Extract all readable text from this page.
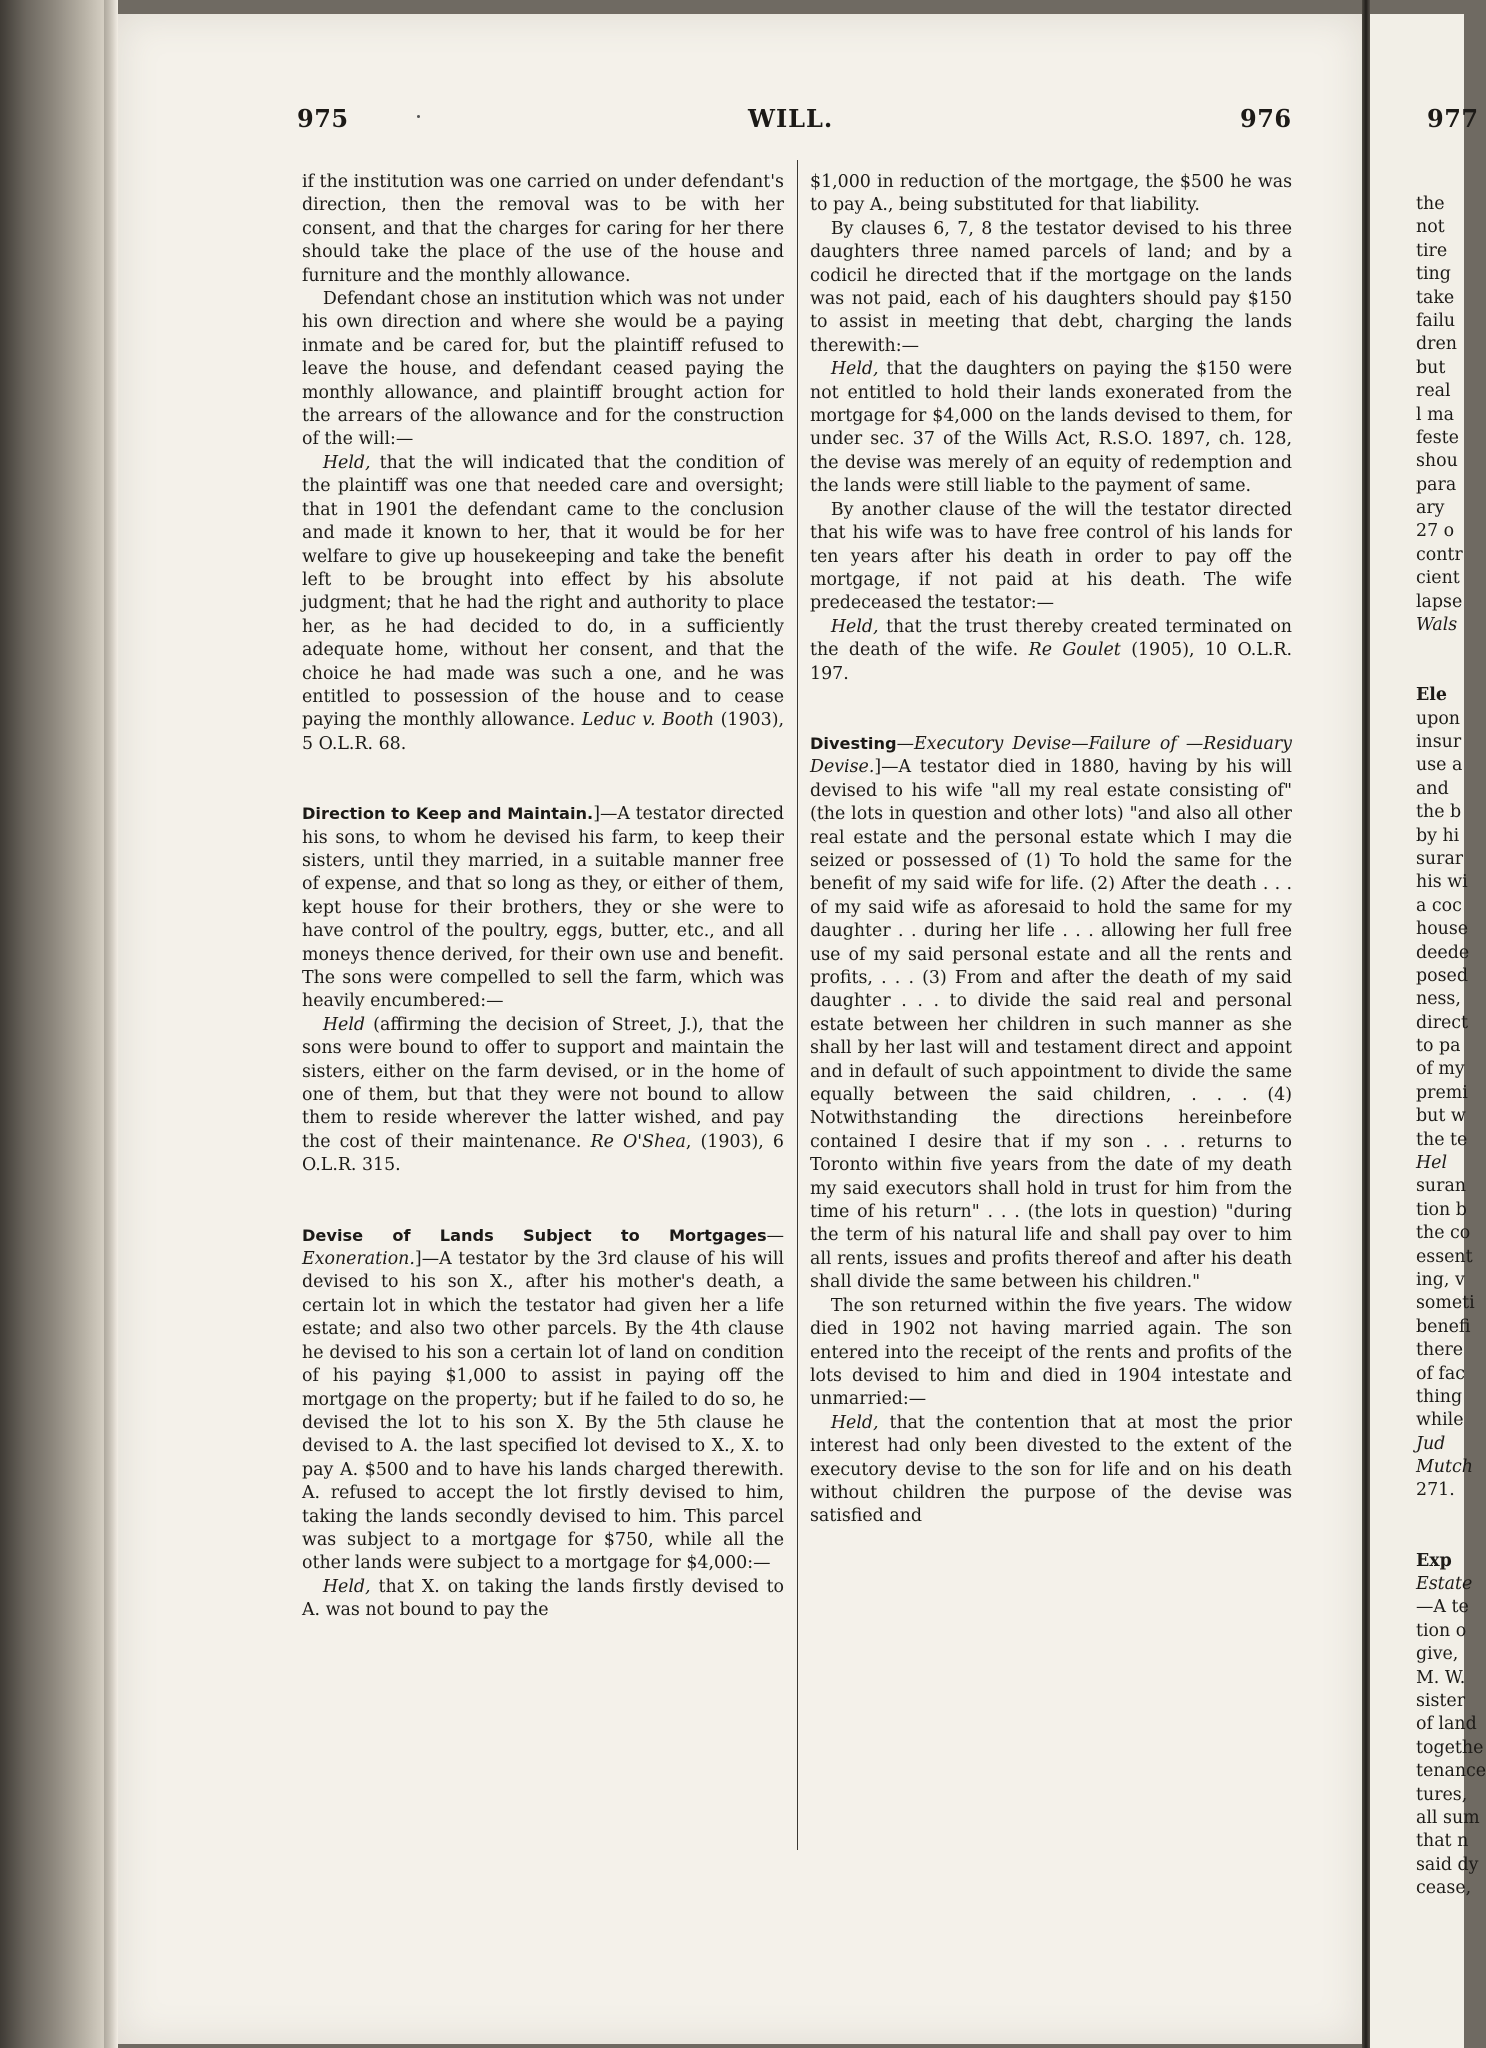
977
the
not
tire
ting
take
failu
dren
but
real
l ma
feste
shou
para
ary
27 o
contr
cient
lapse
Wals
Ele
upon
insur
use a
and
the b
by hi
surar
his wi
a coc
house
deede
posed
ness,
direct
to pa
of my
premi
but w
the te
Hel
suran
tion b
the co
essent
ing, v
someti
benefi
there
of fac
thing
while
Jud
Mutch
271.
Exp
Estate
—A te
tion o
give,
M. W.
sister
of land
togethe
tenance
tures,
all sum
that n
said dy
cease,
975	WILL.	976

if the institution was one carried on under defendant's direction, then the removal was to be with her consent, and that the charges for caring for her there should take the place of the use of the house and furniture and the monthly allowance.

Defendant chose an institution which was not under his own direction and where she would be a paying inmate and be cared for, but the plaintiff refused to leave the house, and defendant ceased paying the monthly allowance, and plaintiff brought action for the arrears of the allowance and for the construction of the will:—

Held, that the will indicated that the condition of the plaintiff was one that needed care and oversight; that in 1901 the defendant came to the conclusion and made it known to her, that it would be for her welfare to give up housekeeping and take the benefit left to be brought into effect by his absolute judgment; that he had the right and authority to place her, as he had decided to do, in a sufficiently adequate home, without her consent, and that the choice he had made was such a one, and he was entitled to possession of the house and to cease paying the monthly allowance. Leduc v. Booth (1903), 5 O.L.R. 68.

Direction to Keep and Maintain.]—A testator directed his sons, to whom he devised his farm, to keep their sisters, until they married, in a suitable manner free of expense, and that so long as they, or either of them, kept house for their brothers, they or she were to have control of the poultry, eggs, butter, etc., and all moneys thence derived, for their own use and benefit. The sons were compelled to sell the farm, which was heavily encumbered:—

Held (affirming the decision of Street, J.), that the sons were bound to offer to support and maintain the sisters, either on the farm devised, or in the home of one of them, but that they were not bound to allow them to reside wherever the latter wished, and pay the cost of their maintenance. Re O'Shea, (1903), 6 O.L.R. 315.

Devise of Lands Subject to Mortgages—Exoneration.]—A testator by the 3rd clause of his will devised to his son X., after his mother's death, a certain lot in which the testator had given her a life estate; and also two other parcels. By the 4th clause he devised to his son a certain lot of land on condition of his paying $1,000 to assist in paying off the mortgage on the property; but if he failed to do so, he devised the lot to his son X. By the 5th clause he devised to A. the last specified lot devised to X., X. to pay A. $500 and to have his lands charged therewith. A. refused to accept the lot firstly devised to him, taking the lands secondly devised to him. This parcel was subject to a mortgage for $750, while all the other lands were subject to a mortgage for $4,000:—

Held, that X. on taking the lands firstly devised to A. was not bound to pay the

$1,000 in reduction of the mortgage, the $500 he was to pay A., being substituted for that liability.

By clauses 6, 7, 8 the testator devised to his three daughters three named parcels of land; and by a codicil he directed that if the mortgage on the lands was not paid, each of his daughters should pay $150 to assist in meeting that debt, charging the lands therewith:—

Held, that the daughters on paying the $150 were not entitled to hold their lands exonerated from the mortgage for $4,000 on the lands devised to them, for under sec. 37 of the Wills Act, R.S.O. 1897, ch. 128, the devise was merely of an equity of redemption and the lands were still liable to the payment of same.

By another clause of the will the testator directed that his wife was to have free control of his lands for ten years after his death in order to pay off the mortgage, if not paid at his death. The wife predeceased the testator:—

Held, that the trust thereby created terminated on the death of the wife. Re Goulet (1905), 10 O.L.R. 197.

Divesting—Executory Devise—Failure of —Residuary Devise.]—A testator died in 1880, having by his will devised to his wife "all my real estate consisting of" (the lots in question and other lots) "and also all other real estate and the personal estate which I may die seized or possessed of (1) To hold the same for the benefit of my said wife for life. (2) After the death . . . of my said wife as aforesaid to hold the same for my daughter . . during her life . . . allowing her full free use of my said personal estate and all the rents and profits, . . . (3) From and after the death of my said daughter . . . to divide the said real and personal estate between her children in such manner as she shall by her last will and testament direct and appoint and in default of such appointment to divide the same equally between the said children, . . . (4) Notwithstanding the directions hereinbefore contained I desire that if my son . . . returns to Toronto within five years from the date of my death my said executors shall hold in trust for him from the time of his return" . . . (the lots in question) "during the term of his natural life and shall pay over to him all rents, issues and profits thereof and after his death shall divide the same between his children."

The son returned within the five years. The widow died in 1902 not having married again. The son entered into the receipt of the rents and profits of the lots devised to him and died in 1904 intestate and unmarried:—

Held, that the contention that at most the prior interest had only been divested to the extent of the executory devise to the son for life and on his death without children the purpose of the devise was satisfied and
